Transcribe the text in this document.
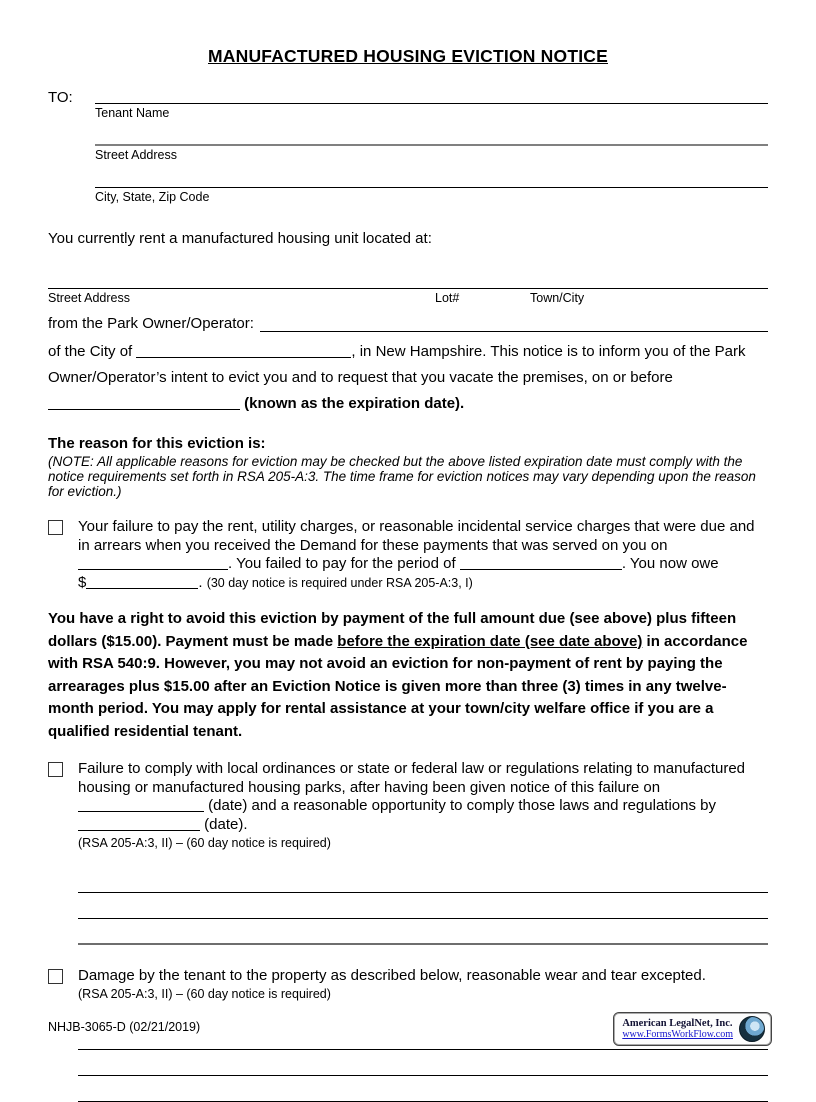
MANUFACTURED HOUSING EVICTION NOTICE
TO:
Tenant Name
Street Address
City, State, Zip Code
You currently rent a manufactured housing unit located at:
Street Address	Lot#	Town/City
from the Park Owner/Operator:
of the City of	, in New Hampshire. This notice is to inform you of the Park Owner/Operator’s intent to evict you and to request that you vacate the premises, on or before  (known as the expiration date).
The reason for this eviction is:
(NOTE: All applicable reasons for eviction may be checked but the above listed expiration date must comply with the notice requirements set forth in RSA 205-A:3. The time frame for eviction notices may vary depending upon the reason for eviction.)
Your failure to pay the rent, utility charges, or reasonable incidental service charges that were due and in arrears when you received the Demand for these payments that was served on you on . You failed to pay for the period of	. You now owe
$	. (30 day notice is required under RSA 205-A:3, I)
You have a right to avoid this eviction by payment of the full amount due (see above) plus fifteen dollars ($15.00). Payment must be made before the expiration date (see date above) in accordance with RSA 540:9. However, you may not avoid an eviction for non-payment of rent by paying the arrearages plus $15.00 after an Eviction Notice is given more than three (3) times in any twelve-month period. You may apply for rental assistance at your town/city welfare office if you are a qualified residential tenant.
Failure to comply with local ordinances or state or federal law or regulations relating to manufactured housing or manufactured housing parks, after having been given notice of this failure on  (date) and a reasonable opportunity to comply those laws and regulations by  (date).
(RSA 205-A:3, II) – (60 day notice is required)
Damage by the tenant to the property as described below, reasonable wear and tear excepted.
(RSA 205-A:3, II) – (60 day notice is required)
NHJB-3065-D (02/21/2019)	American LegalNet, Inc.
www.FormsWorkFlow.com
